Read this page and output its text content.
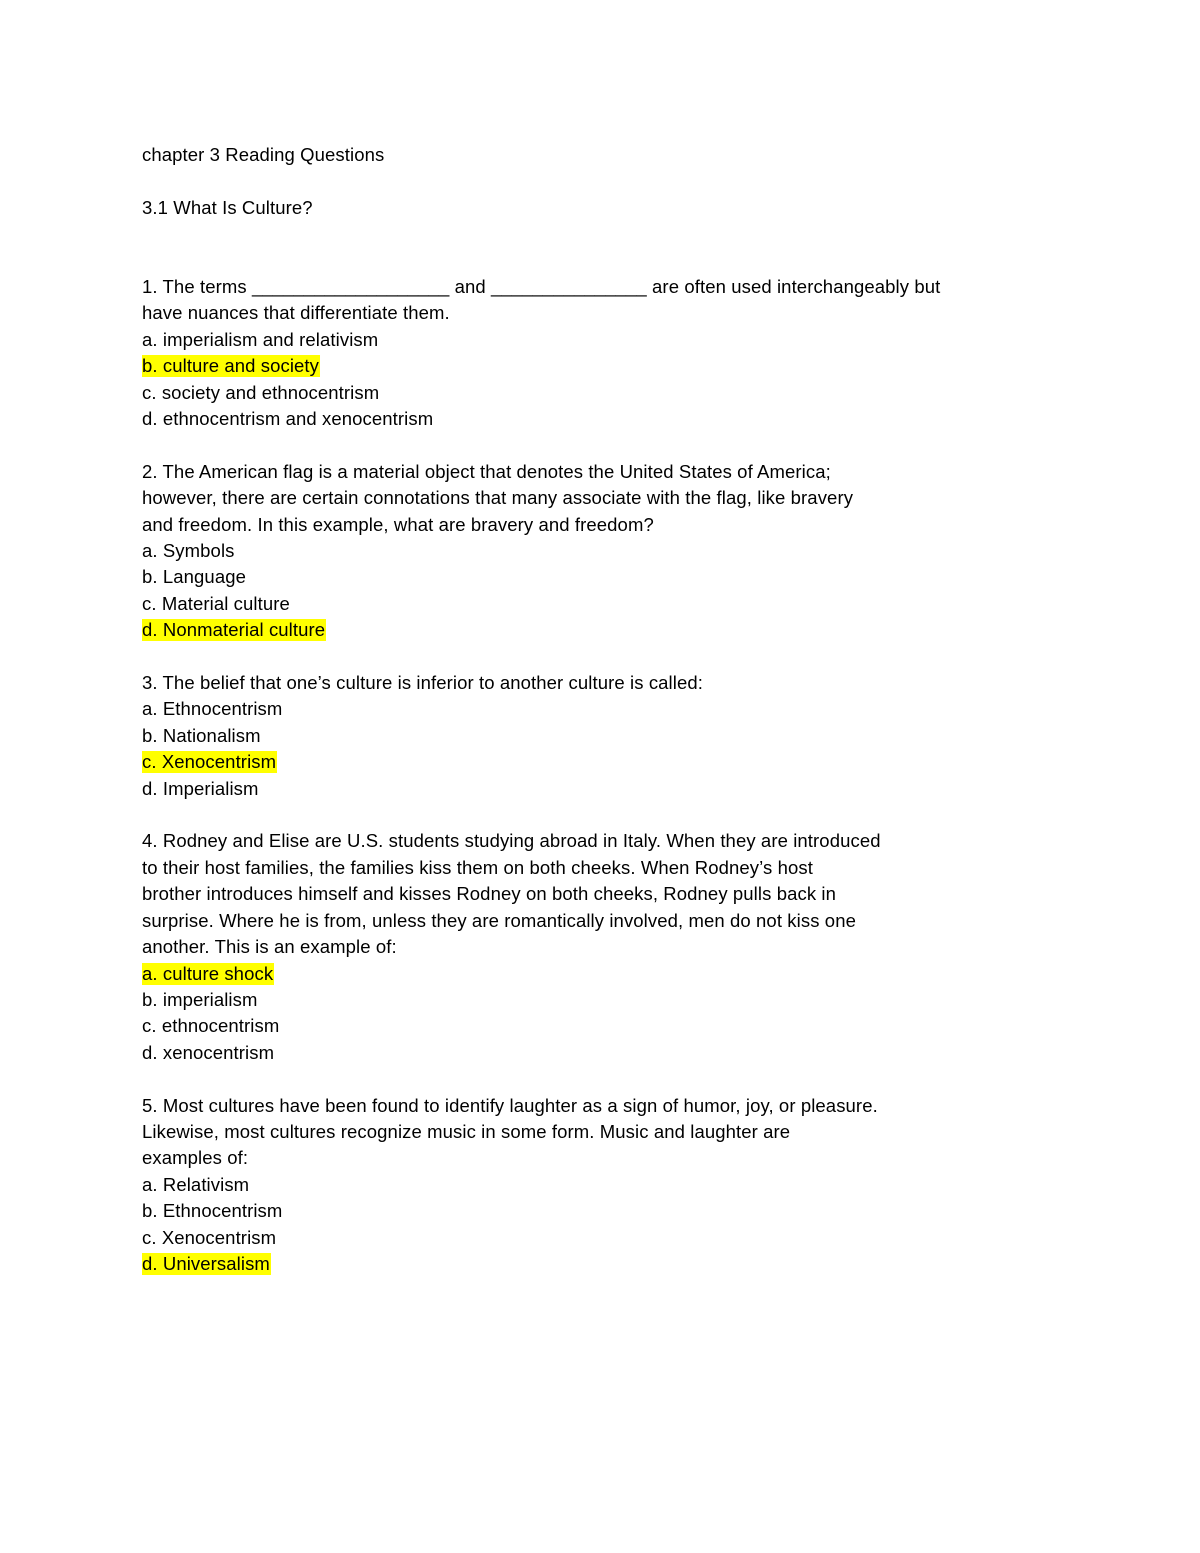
chapter 3 Reading Questions
3.1 What Is Culture?
1. The terms ___________________ and _______________ are often used interchangeably but
have nuances that differentiate them.
a. imperialism and relativism
b. culture and society
c. society and ethnocentrism
d. ethnocentrism and xenocentrism
2. The American flag is a material object that denotes the United States of America;
however, there are certain connotations that many associate with the flag, like bravery
and freedom. In this example, what are bravery and freedom?
a. Symbols
b. Language
c. Material culture
d. Nonmaterial culture
3. The belief that one’s culture is inferior to another culture is called:
a. Ethnocentrism
b. Nationalism
c. Xenocentrism
d. Imperialism
4. Rodney and Elise are U.S. students studying abroad in Italy. When they are introduced
to their host families, the families kiss them on both cheeks. When Rodney’s host
brother introduces himself and kisses Rodney on both cheeks, Rodney pulls back in
surprise. Where he is from, unless they are romantically involved, men do not kiss one
another. This is an example of:
a. culture shock
b. imperialism
c. ethnocentrism
d. xenocentrism
5. Most cultures have been found to identify laughter as a sign of humor, joy, or pleasure.
Likewise, most cultures recognize music in some form. Music and laughter are
examples of:
a. Relativism
b. Ethnocentrism
c. Xenocentrism
d. Universalism
